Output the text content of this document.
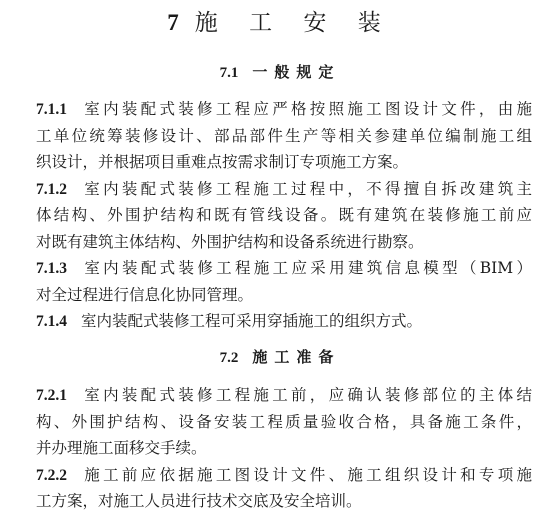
7 施 工 安 装
7.1 一般规定
7.1.1 室内装配式装修工程应严格按照施工图设计文件，由施
工单位统筹装修设计、部品部件生产等相关参建单位编制施工组
织设计，并根据项目重难点按需求制订专项施工方案。
7.1.2 室内装配式装修工程施工过程中，不得擅自拆改建筑主
体结构、外围护结构和既有管线设备。既有建筑在装修施工前应
对既有建筑主体结构、外围护结构和设备系统进行勘察。
7.1.3 室内装配式装修工程施工应采用建筑信息模型（BIM）
对全过程进行信息化协同管理。
7.1.4 室内装配式装修工程可采用穿插施工的组织方式。
7.2 施工准备
7.2.1 室内装配式装修工程施工前，应确认装修部位的主体结
构、外围护结构、设备安装工程质量验收合格，具备施工条件，
并办理施工面移交手续。
7.2.2 施工前应依据施工图设计文件、施工组织设计和专项施
工方案，对施工人员进行技术交底及安全培训。
